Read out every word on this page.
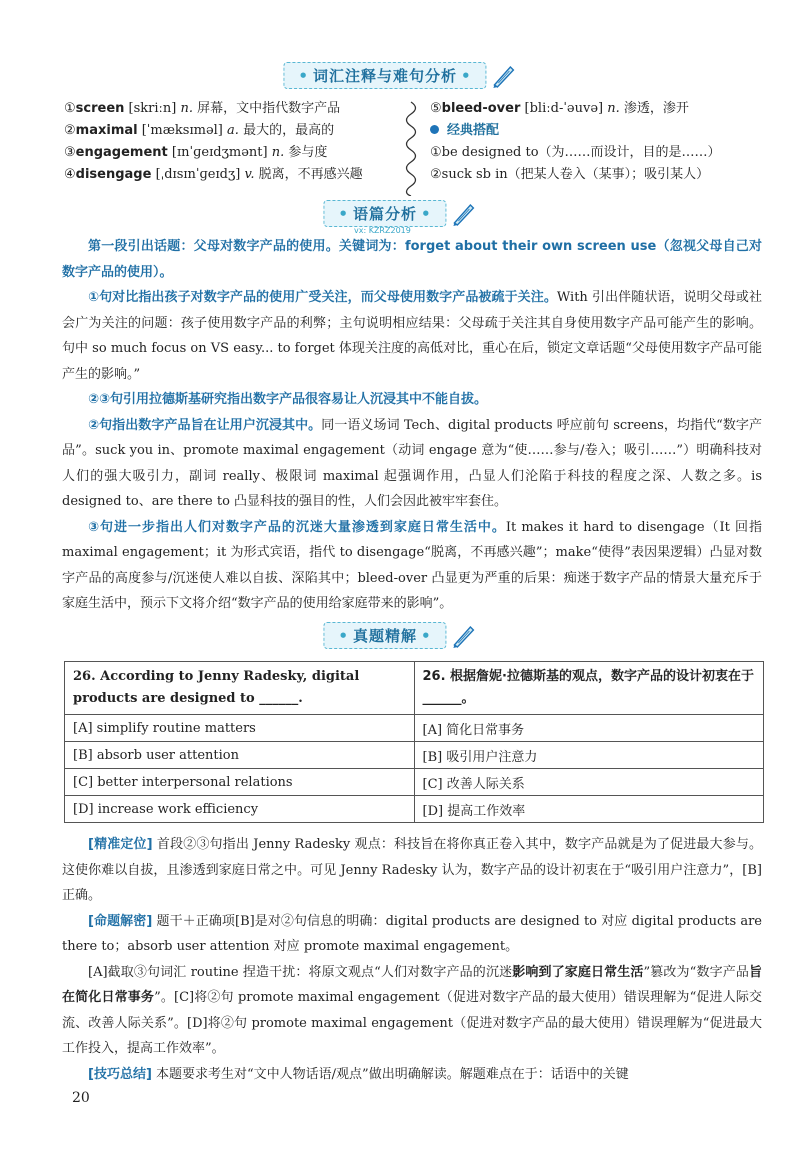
• 词汇注释与难句分析 •
①screen [skriːn] n. 屏幕，文中指代数字产品
②maximal [ˈmæksɪməl] a. 最大的，最高的
③engagement [ɪnˈɡeɪdʒmənt] n. 参与度
④disengage [ˌdɪsɪnˈɡeɪdʒ] v. 脱离，不再感兴趣
⑤bleed-over [bliːd-ˈəuvə] n. 渗透，渗开
经典搭配
①be designed to（为……而设计，目的是……）
②suck sb in（把某人卷入（某事）；吸引某人）
• 语篇分析 •
vx: KZRZ2019
第一段引出话题：父母对数字产品的使用。关键词为：forget about their own screen use（忽视父母自己对数字产品的使用）。
①句对比指出孩子对数字产品的使用广受关注，而父母使用数字产品被疏于关注。With 引出伴随状语，说明父母或社会广为关注的问题：孩子使用数字产品的利弊；主句说明相应结果：父母疏于关注其自身使用数字产品可能产生的影响。句中 so much focus on VS easy... to forget 体现关注度的高低对比，重心在后，锁定文章话题“父母使用数字产品可能产生的影响。”
②③句引用拉德斯基研究指出数字产品很容易让人沉浸其中不能自拔。
②句指出数字产品旨在让用户沉浸其中。同一语义场词 Tech、digital products 呼应前句 screens，均指代“数字产品”。suck you in、promote maximal engagement（动词 engage 意为“使……参与/卷入；吸引……”）明确科技对人们的强大吸引力，副词 really、极限词 maximal 起强调作用，凸显人们沦陷于科技的程度之深、人数之多。is designed to、are there to 凸显科技的强目的性，人们会因此被牢牢套住。
③句进一步指出人们对数字产品的沉迷大量渗透到家庭日常生活中。It makes it hard to disengage（It 回指 maximal engagement；it 为形式宾语，指代 to disengage“脱离，不再感兴趣”；make“使得”表因果逻辑）凸显对数字产品的高度参与/沉迷使人难以自拔、深陷其中；bleed-over 凸显更为严重的后果：痴迷于数字产品的情景大量充斥于家庭生活中，预示下文将介绍“数字产品的使用给家庭带来的影响”。
• 真题精解 •
26. According to Jenny Radesky, digital products are designed to ______.	26. 根据詹妮·拉德斯基的观点，数字产品的设计初衷在于______。
[A] simplify routine matters	[A] 简化日常事务
[B] absorb user attention	[B] 吸引用户注意力
[C] better interpersonal relations	[C] 改善人际关系
[D] increase work efficiency	[D] 提高工作效率
[精准定位] 首段②③句指出 Jenny Radesky 观点：科技旨在将你真正卷入其中，数字产品就是为了促进最大参与。这使你难以自拔，且渗透到家庭日常之中。可见 Jenny Radesky 认为，数字产品的设计初衷在于“吸引用户注意力”，[B]正确。
[命题解密] 题干＋正确项[B]是对②句信息的明确：digital products are designed to 对应 digital products are there to；absorb user attention 对应 promote maximal engagement。
[A]截取③句词汇 routine 捏造干扰：将原文观点“人们对数字产品的沉迷影响到了家庭日常生活”篡改为“数字产品旨在简化日常事务”。[C]将②句 promote maximal engagement（促进对数字产品的最大使用）错误理解为“促进人际交流、改善人际关系”。[D]将②句 promote maximal engagement（促进对数字产品的最大使用）错误理解为“促进最大工作投入，提高工作效率”。
[技巧总结] 本题要求考生对“文中人物话语/观点”做出明确解读。解题难点在于：话语中的关键
20
